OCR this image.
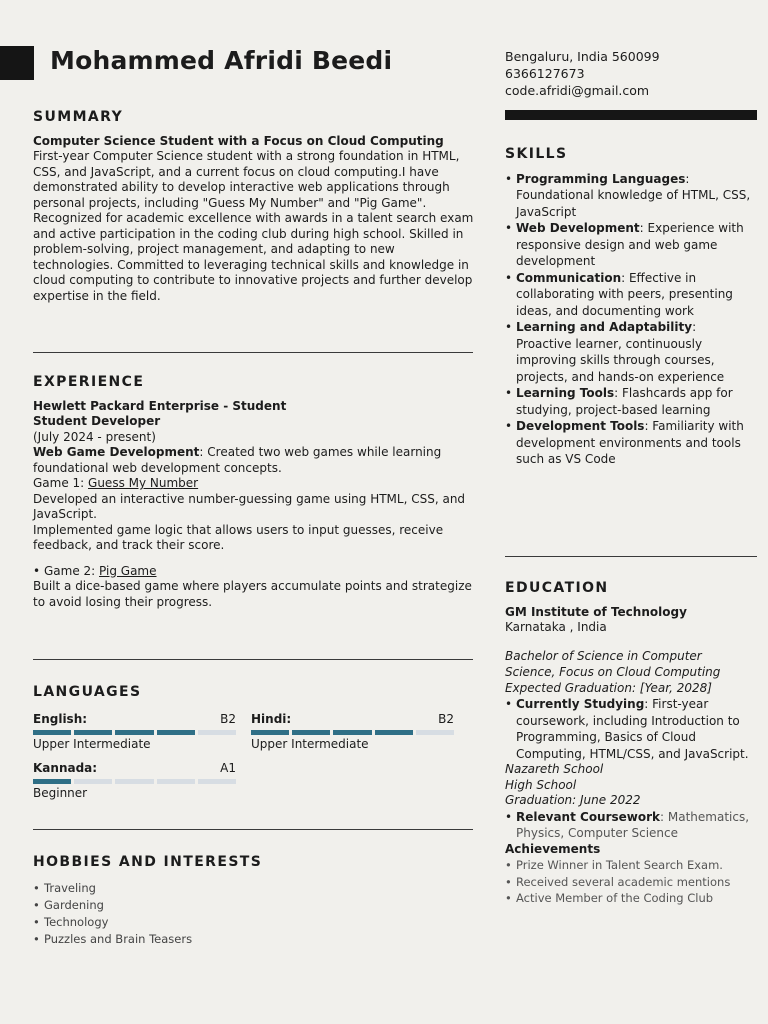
Mohammed Afridi Beedi	Bengaluru, India 560099
6366127673
code.afridi@gmail.com
SUMMARY
Computer Science Student with a Focus on Cloud Computing
First-year Computer Science student with a strong foundation in HTML, CSS, and JavaScript, and a current focus on cloud computing.I have demonstrated ability to develop interactive web applications through personal projects, including "Guess My Number" and "Pig Game". Recognized for academic excellence with awards in a talent search exam and active participation in the coding club during high school. Skilled in problem-solving, project management, and adapting to new technologies. Committed to leveraging technical skills and knowledge in cloud computing to contribute to innovative projects and further develop expertise in the field.
EXPERIENCE
Hewlett Packard Enterprise - Student
Student Developer
(July 2024 - present)
Web Game Development: Created two web games while learning foundational web development concepts.
Game 1: Guess My Number
Developed an interactive number-guessing game using HTML, CSS, and JavaScript.
Implemented game logic that allows users to input guesses, receive feedback, and track their score.
• Game 2: Pig Game
Built a dice-based game where players accumulate points and strategize to avoid losing their progress.
LANGUAGES
English:	B2
Upper Intermediate
Hindi:	B2
Upper Intermediate
Kannada:	A1
Beginner
HOBBIES AND INTERESTS
• Traveling
• Gardening
• Technology
• Puzzles and Brain Teasers
SKILLS
• Programming Languages: Foundational knowledge of HTML, CSS, JavaScript
• Web Development: Experience with responsive design and web game development
• Communication: Effective in collaborating with peers, presenting ideas, and documenting work
• Learning and Adaptability: Proactive learner, continuously improving skills through courses, projects, and hands-on experience
• Learning Tools: Flashcards app for studying, project-based learning
• Development Tools: Familiarity with development environments and tools such as VS Code
EDUCATION
GM Institute of Technology
Karnataka , India
Bachelor of Science in Computer Science, Focus on Cloud Computing
Expected Graduation: [Year, 2028]
• Currently Studying: First-year coursework, including Introduction to Programming, Basics of Cloud Computing, HTML/CSS, and JavaScript.
Nazareth School
High School
Graduation: June 2022
• Relevant Coursework: Mathematics, Physics, Computer Science
Achievements
• Prize Winner in Talent Search Exam.
• Received several academic mentions
• Active Member of the Coding Club
